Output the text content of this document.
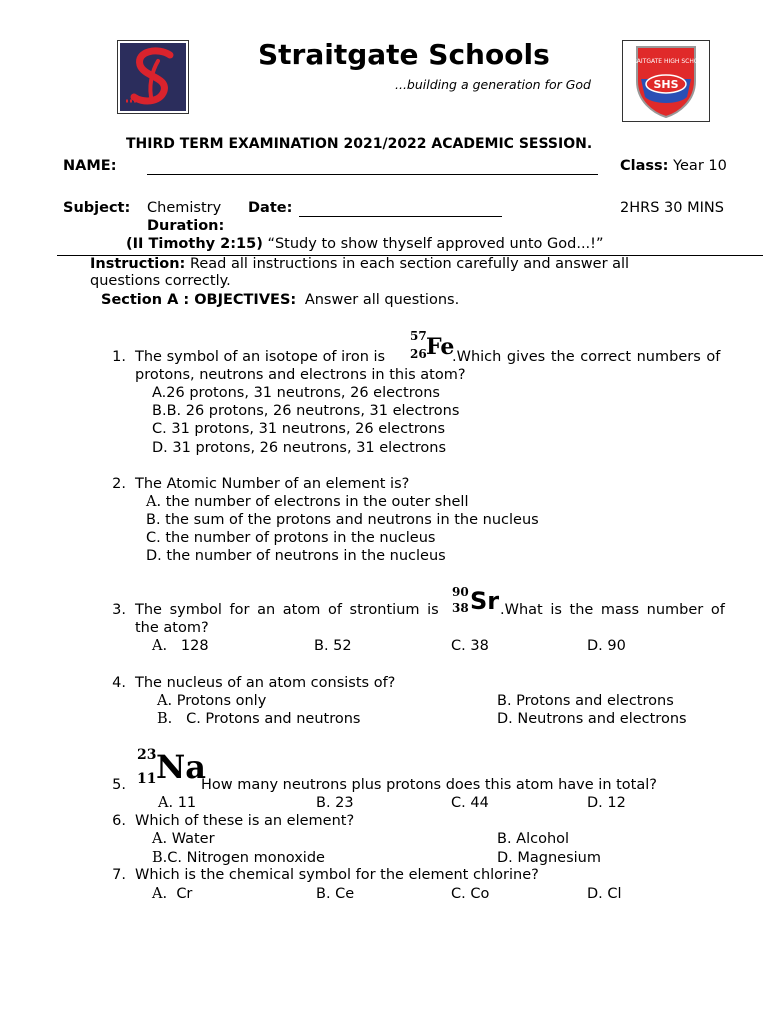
Straitgate Schools
...building a generation for God
STRAITGATE HIGH SCHOOL
SHS
THIRD TERM EXAMINATION 2021/2022 ACADEMIC SESSION.
NAME:	Class: Year 10
Subject: Chemistry Date:	2HRS 30 MINS
Duration:
(II Timothy 2:15) “Study to show thyself approved unto God...!”
Instruction: Read all instructions in each section carefully and answer all
questions correctly.
Section A : OBJECTIVES: Answer all questions.
1. The symbol of an isotope of iron is
57
26 Fe
.Which gives the correct numbers of
protons, neutrons and electrons in this atom?
A.26 protons, 31 neutrons, 26 electrons
B.B. 26 protons, 26 neutrons, 31 electrons
C. 31 protons, 31 neutrons, 26 electrons
D. 31 protons, 26 neutrons, 31 electrons
2. The Atomic Number of an element is?
A. the number of electrons in the outer shell
B. the sum of the protons and neutrons in the nucleus
C. the number of protons in the nucleus
D. the number of neutrons in the nucleus
3. The symbol for an atom of strontium is
90
38 Sr .What is the mass number of
the atom?
A. 128	B. 52	C. 38	D. 90
4. The nucleus of an atom consists of?
A. Protons only	B. Protons and electrons
B. C. Protons and neutrons	D. Neutrons and electrons
23
11 Na
5.	How many neutrons plus protons does this atom have in total?
A. 11	B. 23	C. 44	D. 12
6. Which of these is an element?
A. Water	B. Alcohol
B.C. Nitrogen monoxide	D. Magnesium
7. Which is the chemical symbol for the element chlorine?
A. Cr	B. Ce	C. Co	D. Cl
